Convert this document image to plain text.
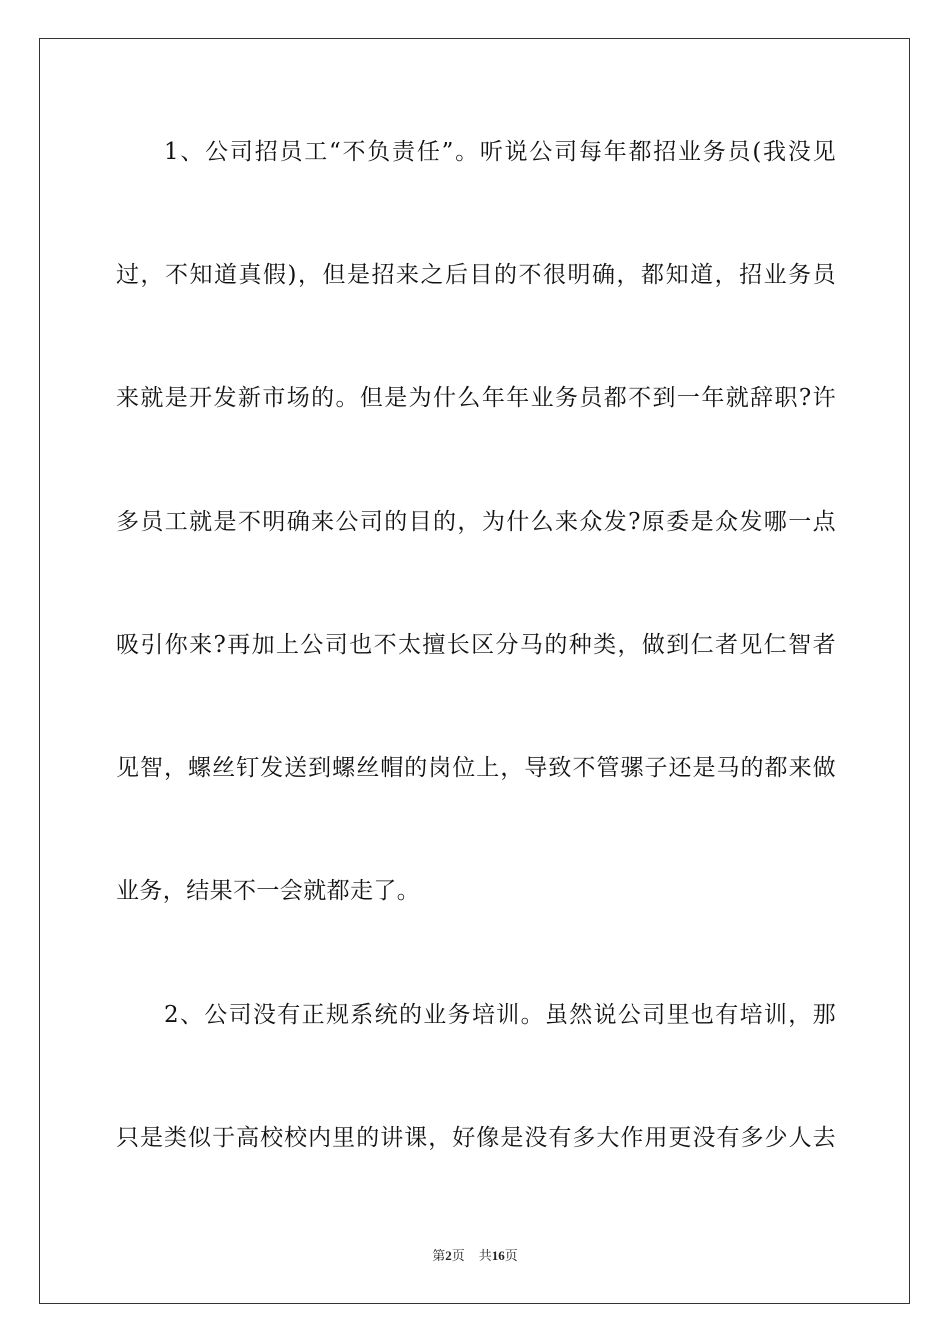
1、公司招员工“不负责任”。听说公司每年都招业务员(我没见
过，不知道真假)，但是招来之后目的不很明确，都知道，招业务员
来就是开发新市场的。但是为什么年年业务员都不到一年就辞职?许
多员工就是不明确来公司的目的，为什么来众发?原委是众发哪一点
吸引你来?再加上公司也不太擅长区分马的种类，做到仁者见仁智者
见智，螺丝钉发送到螺丝帽的岗位上，导致不管骡子还是马的都来做
业务，结果不一会就都走了。
2、公司没有正规系统的业务培训。虽然说公司里也有培训，那
只是类似于高校校内里的讲课，好像是没有多大作用更没有多少人去
第2页 共16页
